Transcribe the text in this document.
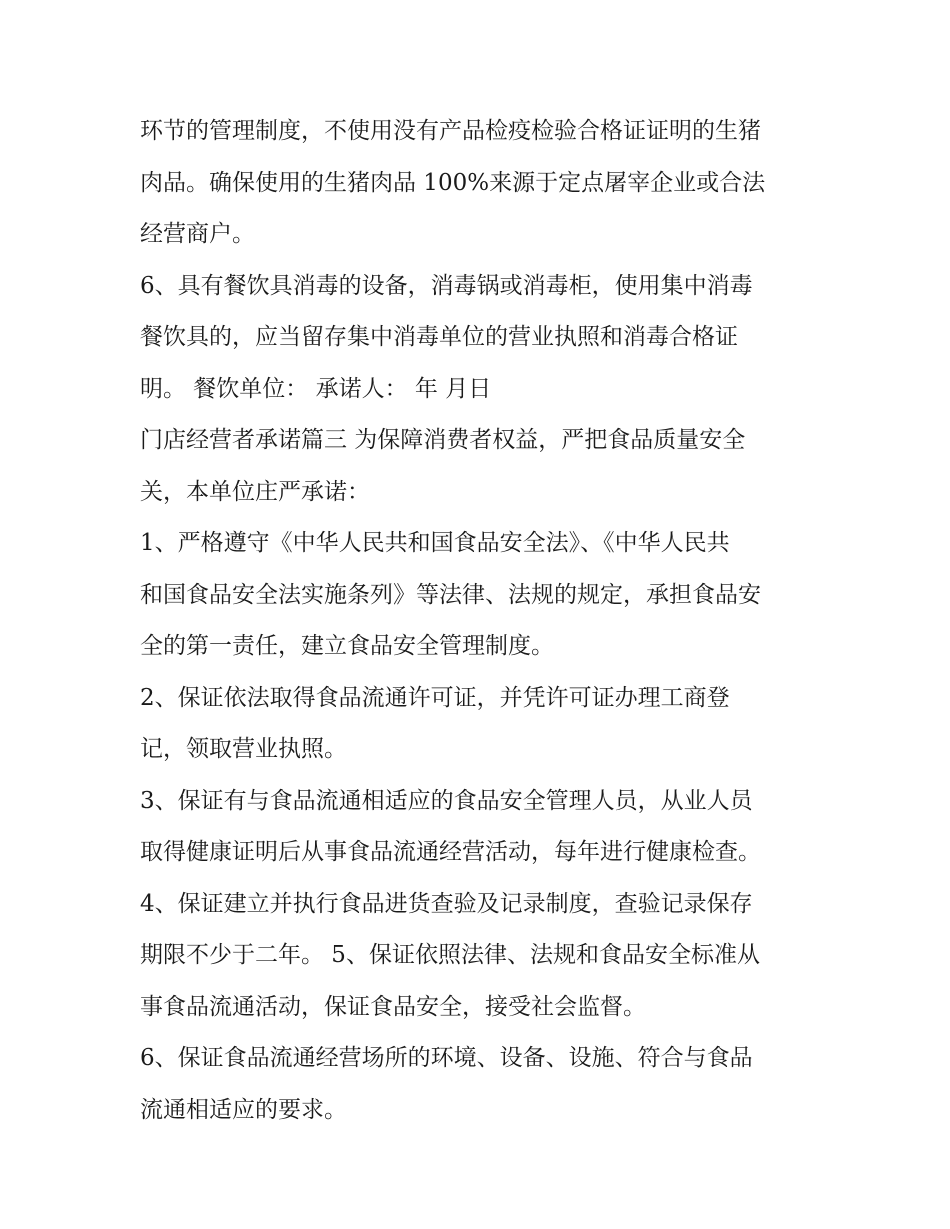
环节的管理制度，不使用没有产品检疫检验合格证证明的生猪
肉品。确保使用的生猪肉品 100%来源于定点屠宰企业或合法
经营商户。
6、具有餐饮具消毒的设备，消毒锅或消毒柜，使用集中消毒
餐饮具的，应当留存集中消毒单位的营业执照和消毒合格证
明。 餐饮单位： 承诺人： 年 月日
门店经营者承诺篇三 为保障消费者权益，严把食品质量安全
关，本单位庄严承诺：
1、严格遵守《中华人民共和国食品安全法》、《中华人民共
和国食品安全法实施条列》等法律、法规的规定，承担食品安
全的第一责任，建立食品安全管理制度。
2、保证依法取得食品流通许可证，并凭许可证办理工商登
记，领取营业执照。
3、保证有与食品流通相适应的食品安全管理人员，从业人员
取得健康证明后从事食品流通经营活动，每年进行健康检查。
4、保证建立并执行食品进货查验及记录制度，查验记录保存
期限不少于二年。 5、保证依照法律、法规和食品安全标准从
事食品流通活动，保证食品安全，接受社会监督。
6、保证食品流通经营场所的环境、设备、设施、符合与食品
流通相适应的要求。
